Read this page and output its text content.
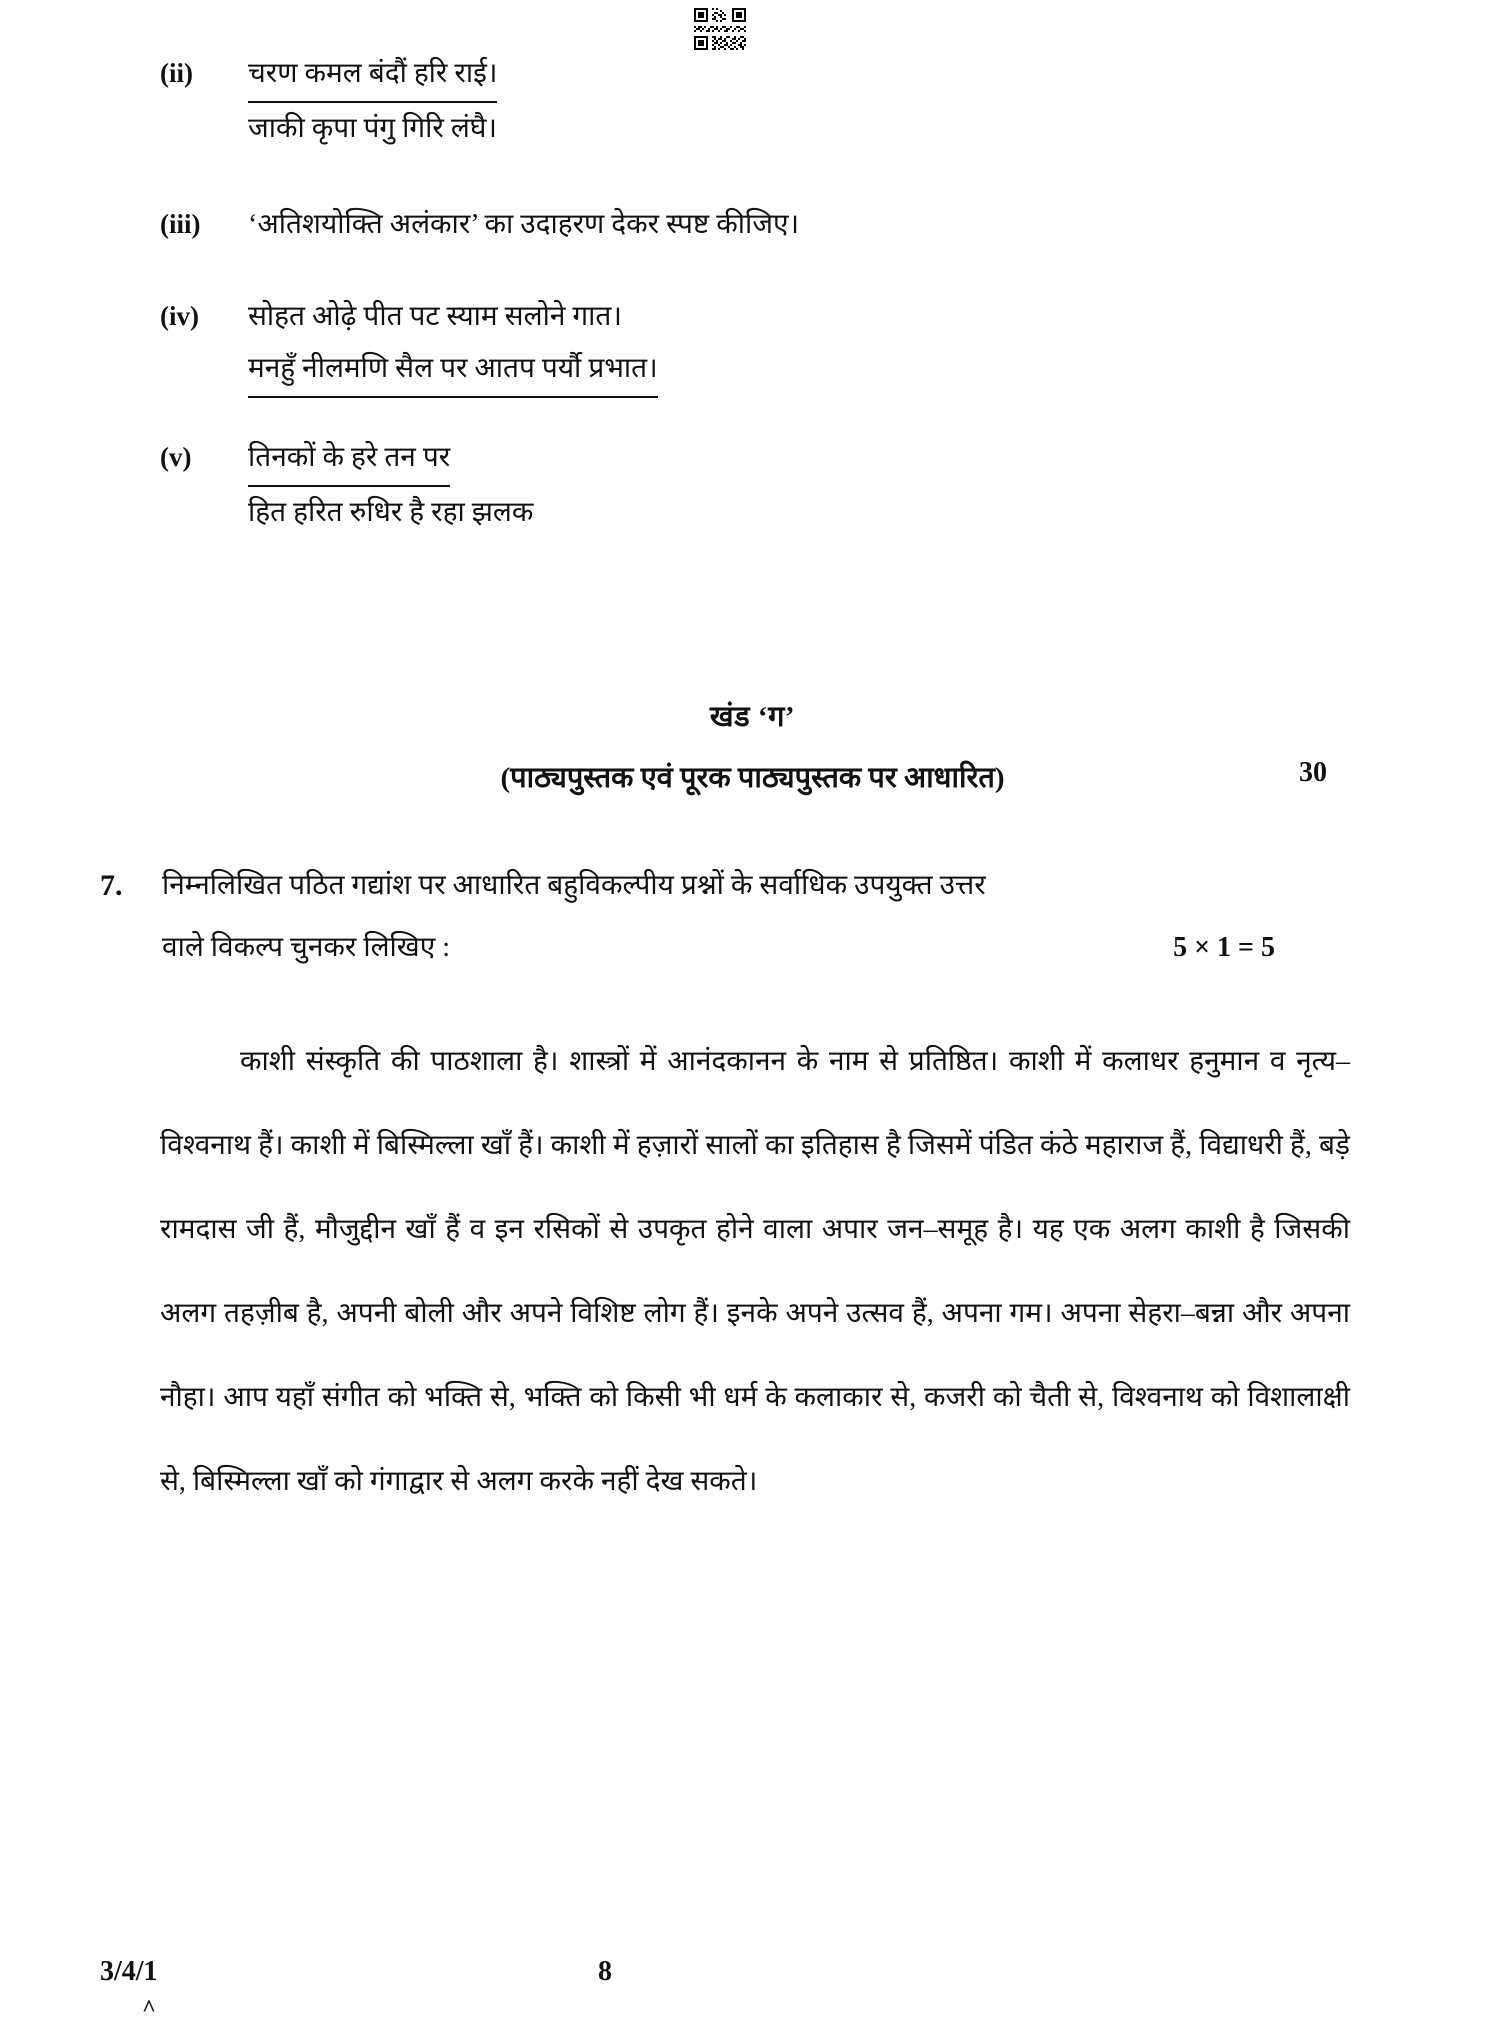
(ii)	चरण कमल बंदौं हरि राई।
जाकी कृपा पंगु गिरि लंघै।
(iii)	‘अतिशयोक्ति अलंकार’ का उदाहरण देकर स्पष्ट कीजिए।
(iv)	सोहत ओढ़े पीत पट स्याम सलोने गात।
मनहुँ नीलमणि सैल पर आतप पर्यौ प्रभात।
(v)	तिनकों के हरे तन पर
हित हरित रुधिर है रहा झलक
खंड ‘ग’
(पाठ्यपुस्तक एवं पूरक पाठ्यपुस्तक पर आधारित)	30
7.	निम्नलिखित पठित गद्यांश पर आधारित बहुविकल्पीय प्रश्नों के सर्वाधिक उपयुक्त उत्तर
वाले विकल्प चुनकर लिखिए :	5 × 1 = 5

काशी संस्कृति की पाठशाला है। शास्त्रों में आनंदकानन के नाम से प्रतिष्ठित। काशी में कलाधर हनुमान व नृत्य–विश्वनाथ हैं। काशी में बिस्मिल्ला खाँ हैं। काशी में हज़ारों सालों का इतिहास है जिसमें पंडित कंठे महाराज हैं, विद्याधरी हैं, बड़े रामदास जी हैं, मौजुद्दीन खाँ हैं व इन रसिकों से उपकृत होने वाला अपार जन–समूह है। यह एक अलग काशी है जिसकी अलग तहज़ीब है, अपनी बोली और अपने विशिष्ट लोग हैं। इनके अपने उत्सव हैं, अपना गम। अपना सेहरा–बन्ना और अपना नौहा। आप यहाँ संगीत को भक्ति से, भक्ति को किसी भी धर्म के कलाकार से, कजरी को चैती से, विश्वनाथ को विशालाक्षी से, बिस्मिल्ला खाँ को गंगाद्वार से अलग करके नहीं देख सकते।

3/4/1	8
^
